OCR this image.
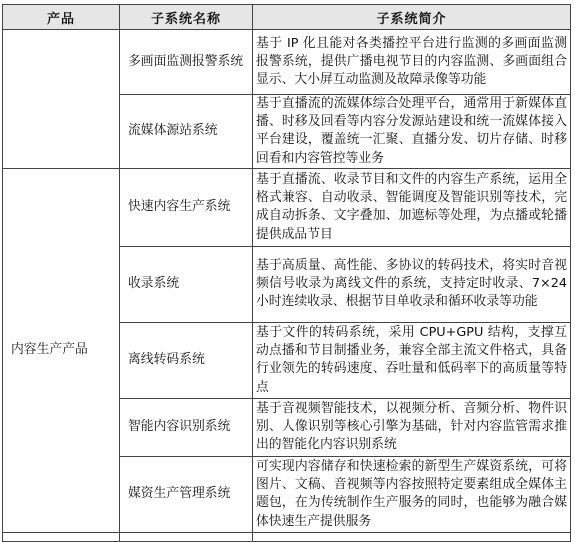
产品	子系统名称	子系统简介
	多画面监测报警系统	基于 IP 化且能对各类播控平台进行监测的多画面监测报警系统，提供广播电视节目的内容监测、多画面组合显示、大小屏互动监测及故障录像等功能
	流媒体源站系统	基于直播流的流媒体综合处理平台，通常用于新媒体直播、时移及回看等内容分发源站建设和统一流媒体接入平台建设，覆盖统一汇聚、直播分发、切片存储、时移回看和内容管控等业务
内容生产产品	快速内容生产系统	基于直播流、收录节目和文件的内容生产系统，运用全格式兼容、自动收录、智能调度及智能识别等技术，完成自动拆条、文字叠加、加遮标等处理，为点播或轮播提供成品节目
	收录系统	基于高质量、高性能、多协议的转码技术，将实时音视频信号收录为离线文件的系统，支持定时收录、7×24 小时连续收录、根据节目单收录和循环收录等功能
	离线转码系统	基于文件的转码系统，采用 CPU+GPU 结构，支撑互动点播和节目制播业务，兼容全部主流文件格式，具备行业领先的转码速度、吞吐量和低码率下的高质量等特点
	智能内容识别系统	基于音视频智能技术，以视频分析、音频分析、物件识别、人像识别等核心引擎为基础，针对内容监管需求推出的智能化内容识别系统
	媒资生产管理系统	可实现内容储存和快速检索的新型生产媒资系统，可将图片、文稿、音视频等内容按照特定要素组成全媒体主题包，在为传统制作生产服务的同时，也能够为融合媒体快速生产提供服务
